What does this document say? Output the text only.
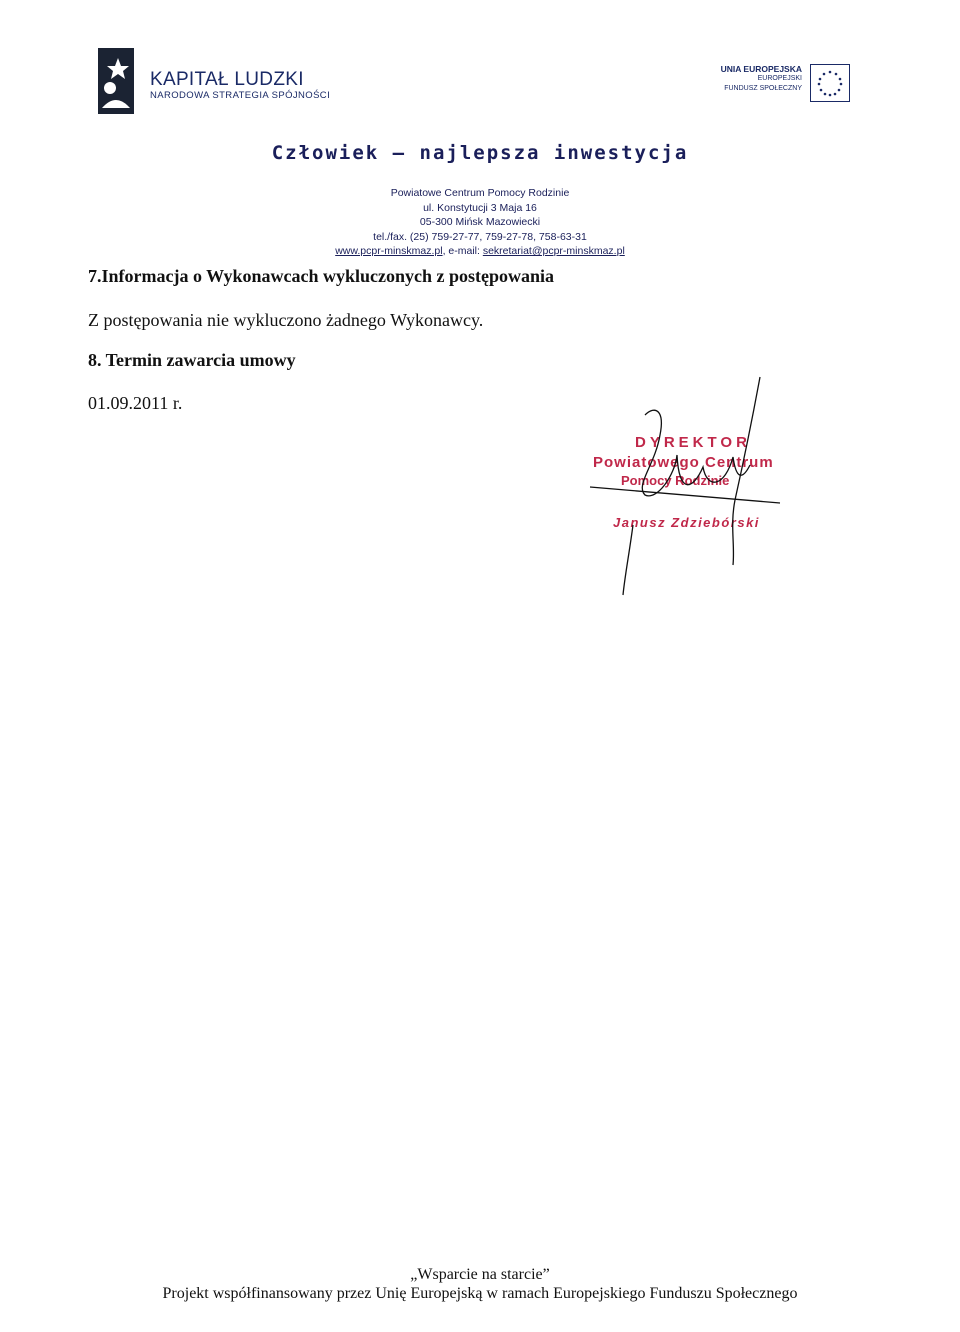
KAPITAŁ LUDZKI
NARODOWA STRATEGIA SPÓJNOŚCI
UNIA EUROPEJSKA
EUROPEJSKI
FUNDUSZ SPOŁECZNY
Człowiek – najlepsza inwestycja
Powiatowe Centrum Pomocy Rodzinie
ul. Konstytucji 3 Maja 16
05-300 Mińsk Mazowiecki
tel./fax. (25) 759-27-77, 759-27-78, 758-63-31
www.pcpr-minskmaz.pl, e-mail: sekretariat@pcpr-minskmaz.pl
7.Informacja o Wykonawcach wykluczonych z postępowania
Z postępowania nie wykluczono żadnego Wykonawcy.
8. Termin zawarcia umowy
01.09.2011 r.
DYREKTOR
Powiatowego Centrum
Pomocy Rodzinie
Janusz Zdziebórski
„Wsparcie na starcie”
Projekt współfinansowany przez Unię Europejską w ramach Europejskiego Funduszu Społecznego
